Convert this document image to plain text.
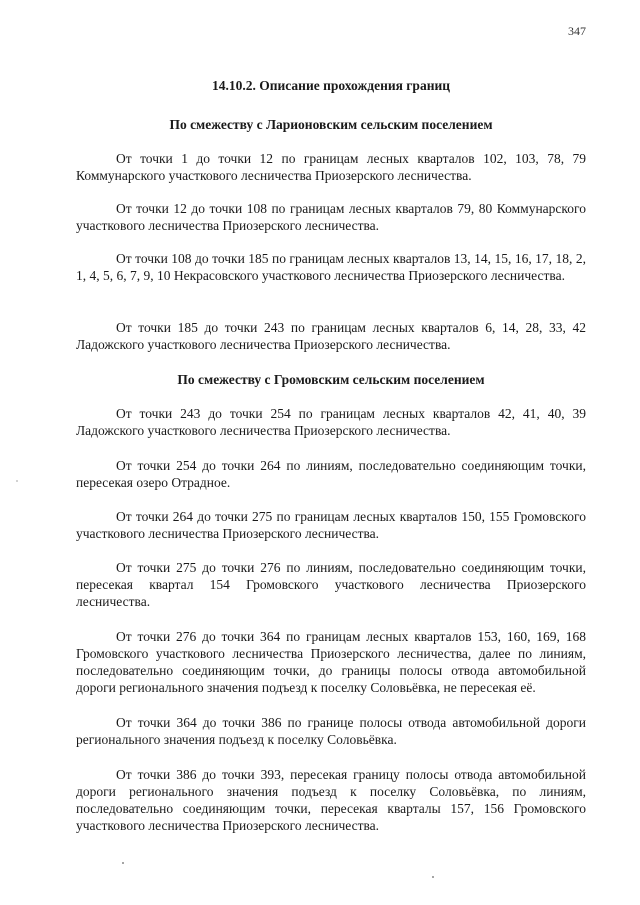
347
14.10.2. Описание прохождения границ
По смежеству с Ларионовским сельским поселением

От точки 1 до точки 12 по границам лесных кварталов 102, 103, 78, 79 Коммунарского участкового лесничества Приозерского лесничества.

От точки 12 до точки 108 по границам лесных кварталов 79, 80 Коммунарского участкового лесничества Приозерского лесничества.

От точки 108 до точки 185 по границам лесных кварталов 13, 14, 15, 16, 17, 18, 2, 1, 4, 5, 6, 7, 9, 10 Некрасовского участкового лесничества Приозерского лесничества.

От точки 185 до точки 243 по границам лесных кварталов 6, 14, 28, 33, 42 Ладожского участкового лесничества Приозерского лесничества.

По смежеству с Громовским сельским поселением

От точки 243 до точки 254 по границам лесных кварталов 42, 41, 40, 39 Ладожского участкового лесничества Приозерского лесничества.

От точки 254 до точки 264 по линиям, последовательно соединяющим точки, пересекая озеро Отрадное.

От точки 264 до точки 275 по границам лесных кварталов 150, 155 Громовского участкового лесничества Приозерского лесничества.

От точки 275 до точки 276 по линиям, последовательно соединяющим точки, пересекая квартал 154 Громовского участкового лесничества Приозерского лесничества.

От точки 276 до точки 364 по границам лесных кварталов 153, 160, 169, 168 Громовского участкового лесничества Приозерского лесничества, далее по линиям, последовательно соединяющим точки, до границы полосы отвода автомобильной дороги регионального значения подъезд к поселку Соловьёвка, не пересекая её.

От точки 364 до точки 386 по границе полосы отвода автомобильной дороги регионального значения подъезд к поселку Соловьёвка.

От точки 386 до точки 393, пересекая границу полосы отвода автомобильной дороги регионального значения подъезд к поселку Соловьёвка, по линиям, последовательно соединяющим точки, пересекая кварталы 157, 156 Громовского участкового лесничества Приозерского лесничества.
